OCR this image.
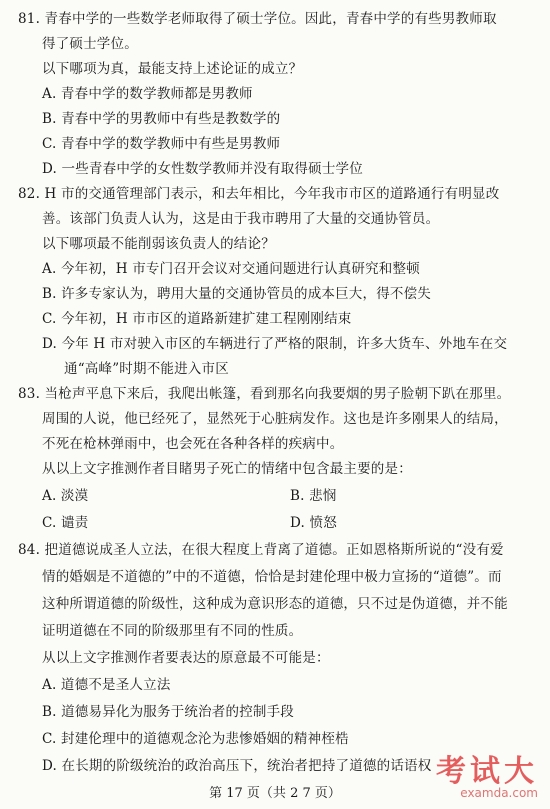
81. 青春中学的一些数学老师取得了硕士学位。因此，青春中学的有些男教师取
得了硕士学位。
以下哪项为真，最能支持上述论证的成立？
A. 青春中学的数学教师都是男教师
B. 青春中学的男教师中有些是教数学的
C. 青春中学的数学教师中有些是男教师
D. 一些青春中学的女性数学教师并没有取得硕士学位
82. H 市的交通管理部门表示，和去年相比，今年我市市区的道路通行有明显改
善。该部门负责人认为，这是由于我市聘用了大量的交通协管员。
以下哪项最不能削弱该负责人的结论？
A. 今年初，H 市专门召开会议对交通问题进行认真研究和整顿
B. 许多专家认为，聘用大量的交通协管员的成本巨大，得不偿失
C. 今年初，H 市市区的道路新建扩建工程刚刚结束
D. 今年 H 市对驶入市区的车辆进行了严格的限制，许多大货车、外地车在交
通“高峰”时期不能进入市区
83. 当枪声平息下来后，我爬出帐篷，看到那名向我要烟的男子脸朝下趴在那里。
周围的人说，他已经死了，显然死于心脏病发作。这也是许多刚果人的结局，
不死在枪林弹雨中，也会死在各种各样的疾病中。
从以上文字推测作者目睹男子死亡的情绪中包含最主要的是：
A. 淡漠	B. 悲悯
C. 谴责	D. 愤怒
84. 把道德说成圣人立法，在很大程度上背离了道德。正如恩格斯所说的“没有爱
情的婚姻是不道德的”中的不道德，恰恰是封建伦理中极力宣扬的“道德”。而
这种所谓道德的阶级性，这种成为意识形态的道德，只不过是伪道德，并不能
证明道德在不同的阶级那里有不同的性质。
从以上文字推测作者要表达的原意最不可能是：
A. 道德不是圣人立法
B. 道德易异化为服务于统治者的控制手段
C. 封建伦理中的道德观念沦为悲惨婚姻的精神桎梏
D. 在长期的阶级统治的政治高压下，统治者把持了道德的话语权
第 17 页（共 2 7 页）
考试大
examda.com
